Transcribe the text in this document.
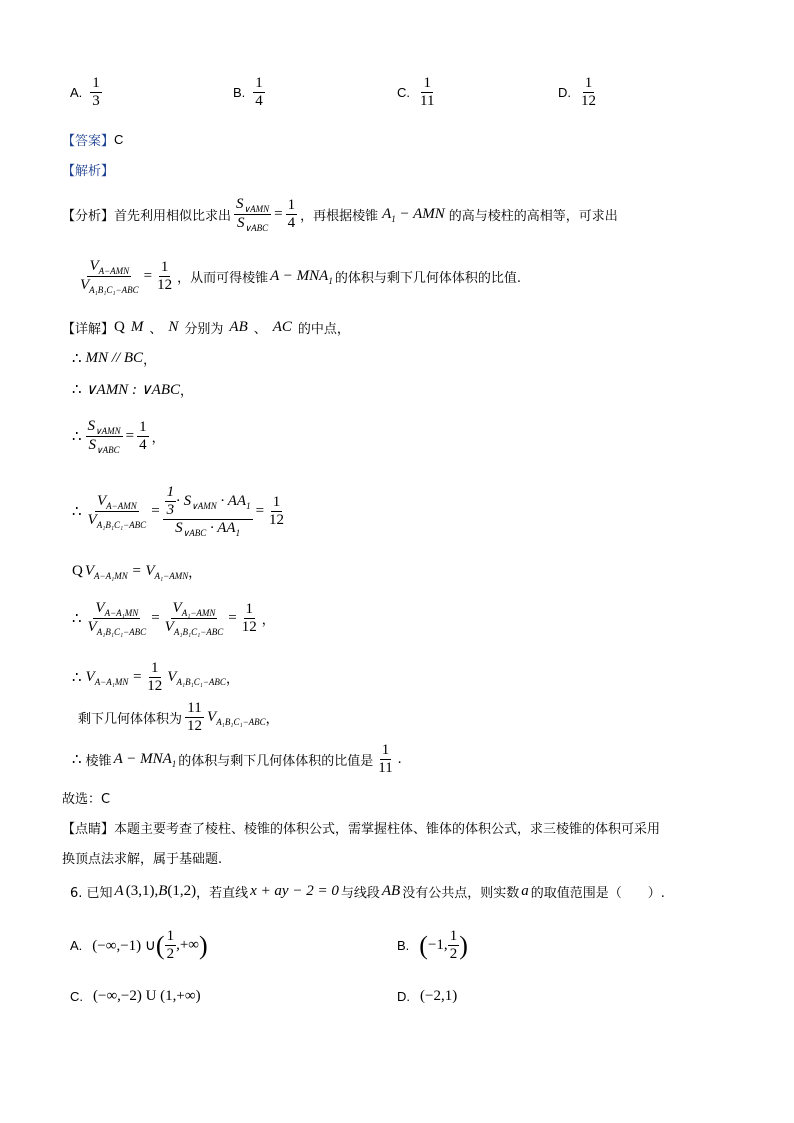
A. $\frac{1}{3}$	B. $\frac{1}{4}$	C. $\frac{1}{11}$	D. $\frac{1}{12}$
【答案】 C
【解析】
【分析】 首先利用相似比求出 $\frac{S_{\vee AMN}}{S_{\vee ABC}} = \frac{1}{4}$ ，再根据棱锥 $A_1$ − AMN 的高与棱柱的高相等，可求出
$\frac{V_{A-AMN}}{V_{A_1B_1C_1-ABC}} = \frac{1}{12}$ ，从而可得棱锥 $A - MNA_1$ 的体积与剩下几何体体积的比值.
【详解】 Q M 、 N 分别为 AB 、 AC 的中点，
∴ MN // BC ，
∴ ∨AMN : ∨ABC ，
∴ $\frac{S_{\vee AMN}}{S_{\vee ABC}} = \frac{1}{4}$ ，
∴ $\frac{V_{A-AMN}}{V_{A_1B_1C_1-ABC}} = \frac{\frac{1}{3} \cdot S_{\vee AMN} \cdot AA_1}{S_{\vee ABC} \cdot AA_1} = \frac{1}{12}$
Q $V_{A-A_1MN} = V_{A_1-AMN}$ ，
∴ $\frac{V_{A-A_1MN}}{V_{A_1B_1C_1-ABC}} = \frac{V_{A_1-AMN}}{V_{A_1B_1C_1-ABC}} = \frac{1}{12}$ ，
∴ $V_{A-A_1MN} = \frac{1}{12} V_{A_1B_1C_1-ABC}$ ，
剩下几何体体积为 $\frac{11}{12} V_{A_1B_1C_1-ABC}$ ，
∴ 棱锥 $A - MNA_1$ 的体积与剩下几何体体积的比值是 $\frac{1}{11}$ .
故选：C
【点睛】 本题主要考查了棱柱、棱锥的体积公式，需掌握柱体、锥体的体积公式，求三棱锥的体积可采用
换顶点法求解，属于基础题.
6. 已知 A (3,1), B (1,2) ，若直线 x + ay − 2 = 0 与线段 AB 没有公共点，则实数 a 的取值范围是（　　）.
A. (−∞,−1) ∪ ( $\frac{1}{2}$ ,+∞ )	B. ( −1, $\frac{1}{2}$ )
C. (−∞,−2) U (1,+∞)	D. (−2,1)
